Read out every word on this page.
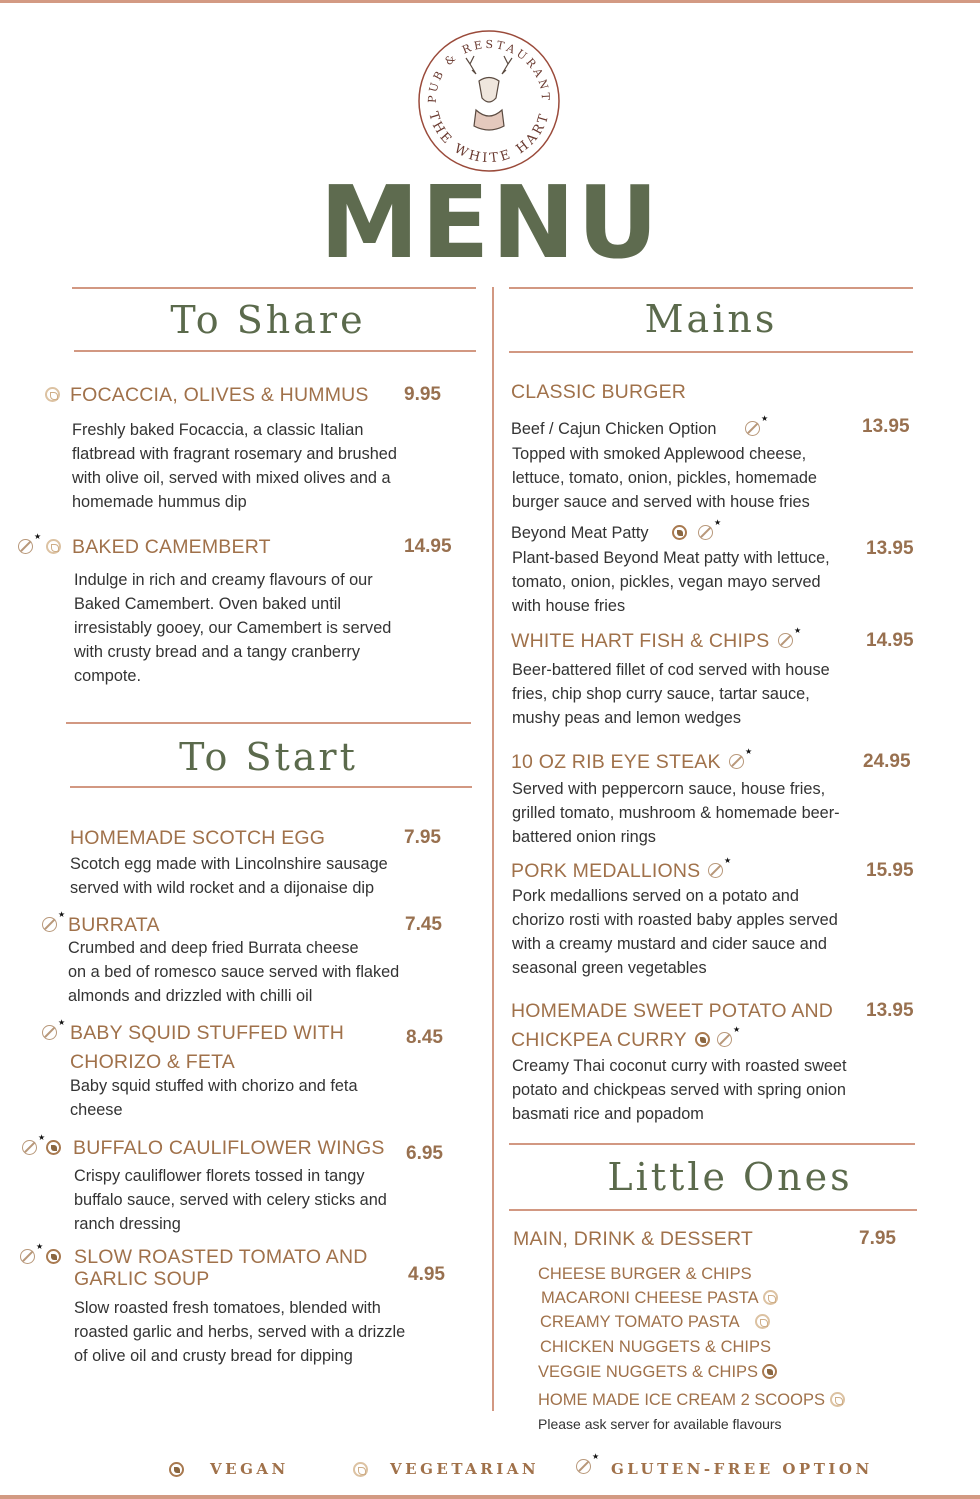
PUB & RESTAURANT
THE WHITE HART
MENU
To Share
To Start
Mains
Little Ones
FOCACCIA, OLIVES & HUMMUS 9.95
Freshly baked Focaccia, a classic Italian
flatbread with fragrant rosemary and brushed
with olive oil, served with mixed olives and a
homemade hummus dip
BAKED CAMEMBERT	14.95
★
Indulge in rich and creamy flavours of our
Baked Camembert. Oven baked until
irresistably gooey, our Camembert is served
with crusty bread and a tangy cranberry
compote.
HOMEMADE SCOTCH EGG	7.95
Scotch egg made with Lincolnshire sausage
served with wild rocket and a dijonaise dip
BURRATA	7.45
★
Crumbed and deep fried Burrata cheese
on a bed of romesco sauce served with flaked
almonds and drizzled with chilli oil
BABY SQUID STUFFED WITH
CHORIZO & FETA
8.45
★
Baby squid stuffed with chorizo and feta
cheese
BUFFALO CAULIFLOWER WINGS 6.95
★
Crispy cauliflower florets tossed in tangy
buffalo sauce, served with celery sticks and
ranch dressing
SLOW ROASTED TOMATO AND
GARLIC SOUP	4.95
★
Slow roasted fresh tomatoes, blended with
roasted garlic and herbs, served with a drizzle
of olive oil and crusty bread for dipping
CLASSIC BURGER
Beef / Cajun Chicken Option	13.95
★
Topped with smoked Applewood cheese,
lettuce, tomato, onion, pickles, homemade
burger sauce and served with house fries
Beyond Meat Patty
13.95
★
Plant-based Beyond Meat patty with lettuce,
tomato, onion, pickles, vegan mayo served
with house fries
WHITE HART FISH & CHIPS	14.95
★
Beer-battered fillet of cod served with house
fries, chip shop curry sauce, tartar sauce,
mushy peas and lemon wedges
10 OZ RIB EYE STEAK	24.95
★
Served with peppercorn sauce, house fries,
grilled tomato, mushroom & homemade beer-
battered onion rings
PORK MEDALLIONS	15.95
★
Pork medallions served on a potato and
chorizo rosti with roasted baby apples served
with a creamy mustard and cider sauce and
seasonal green vegetables
HOMEMADE SWEET POTATO AND
CHICKPEA CURRY
13.95
★
Creamy Thai coconut curry with roasted sweet
potato and chickpeas served with spring onion
basmati rice and popadom
MAIN, DRINK & DESSERT	7.95
CHEESE BURGER & CHIPS
MACARONI CHEESE PASTA
CREAMY TOMATO PASTA
CHICKEN NUGGETS & CHIPS
VEGGIE NUGGETS & CHIPS
HOME MADE ICE CREAM 2 SCOOPS
Please ask server for available flavours
VEGAN	VEGETARIAN ★	GLUTEN-FREE OPTION
